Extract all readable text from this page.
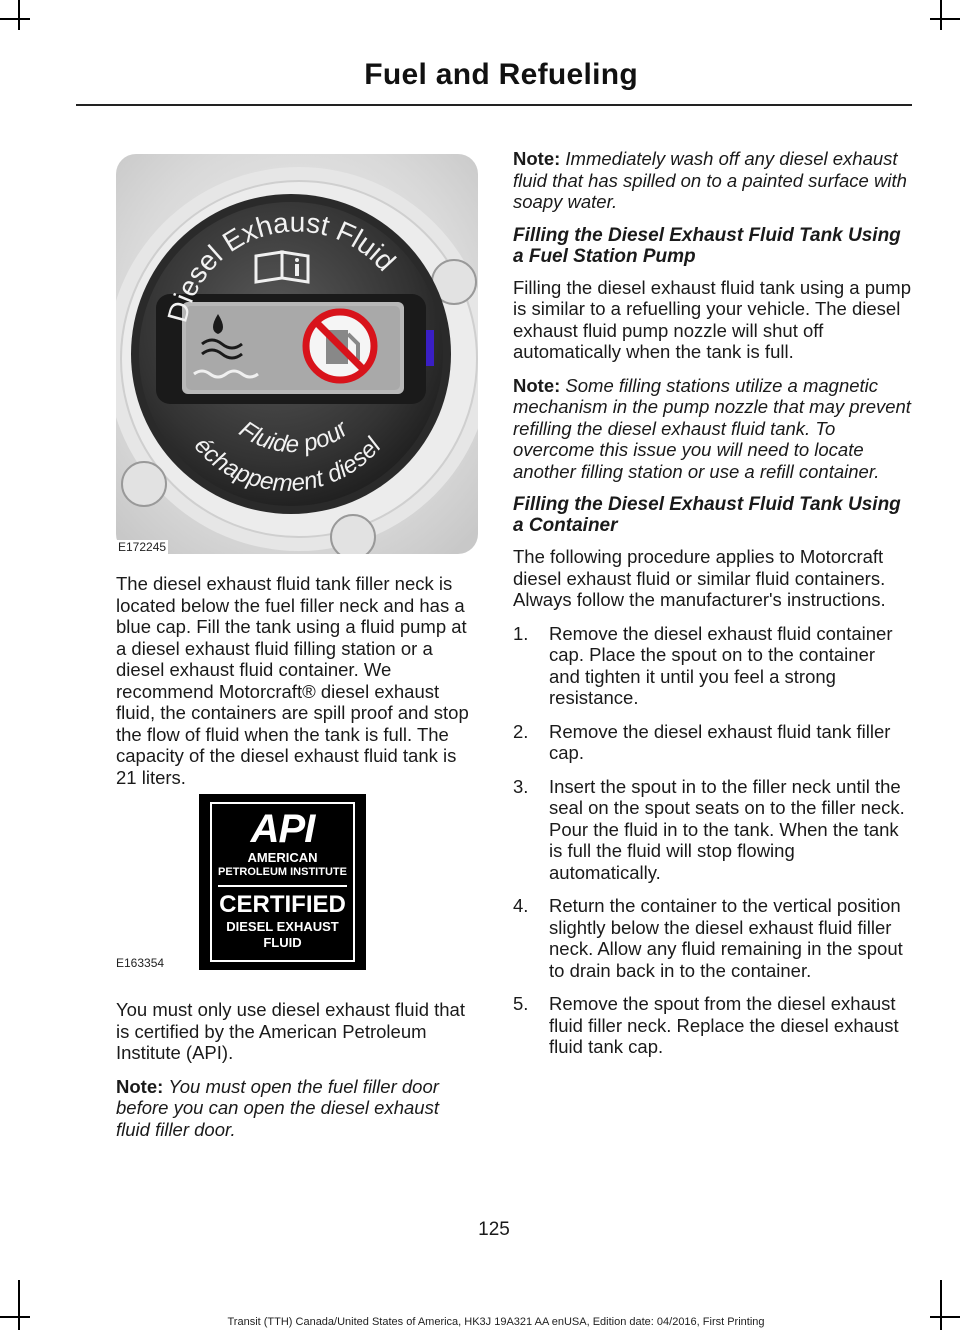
Fuel and Refueling
Diesel Exhaust Fluid
Fluide pour
échappement diesel
E172245

The diesel exhaust fluid tank filler neck is located below the fuel filler neck and has a blue cap. Fill the tank using a fluid pump at a diesel exhaust fluid filling station or a diesel exhaust fluid container. We recommend Motorcraft® diesel exhaust fluid, the containers are spill proof and stop the flow of fluid when the tank is full. The capacity of the diesel exhaust fluid tank is 21 liters.

API
AMERICAN
PETROLEUM INSTITUTE
CERTIFIED
DIESEL EXHAUST
FLUID
E163354

You must only use diesel exhaust fluid that is certified by the American Petroleum Institute (API).

Note: You must open the fuel filler door before you can open the diesel exhaust fluid filler door.

Note: Immediately wash off any diesel exhaust fluid that has spilled on to a painted surface with soapy water.

Filling the Diesel Exhaust Fluid Tank Using a Fuel Station Pump

Filling the diesel exhaust fluid tank using a pump is similar to a refuelling your vehicle. The diesel exhaust fluid pump nozzle will shut off automatically when the tank is full.

Note: Some filling stations utilize a magnetic mechanism in the pump nozzle that may prevent refilling the diesel exhaust fluid tank. To overcome this issue you will need to locate another filling station or use a refill container.

Filling the Diesel Exhaust Fluid Tank Using a Container

The following procedure applies to Motorcraft diesel exhaust fluid or similar fluid containers. Always follow the manufacturer's instructions.

1. Remove the diesel exhaust fluid container cap. Place the spout on to the container and tighten it until you feel a strong resistance.
2. Remove the diesel exhaust fluid tank filler cap.
3. Insert the spout in to the filler neck until the seal on the spout seats on to the filler neck. Pour the fluid in to the tank. When the tank is full the fluid will stop flowing automatically.
4. Return the container to the vertical position slightly below the diesel exhaust fluid filler neck. Allow any fluid remaining in the spout to drain back in to the container.
5. Remove the spout from the diesel exhaust fluid filler neck. Replace the diesel exhaust fluid tank cap.
125
Transit (TTH) Canada/United States of America, HK3J 19A321 AA enUSA, Edition date: 04/2016, First Printing
